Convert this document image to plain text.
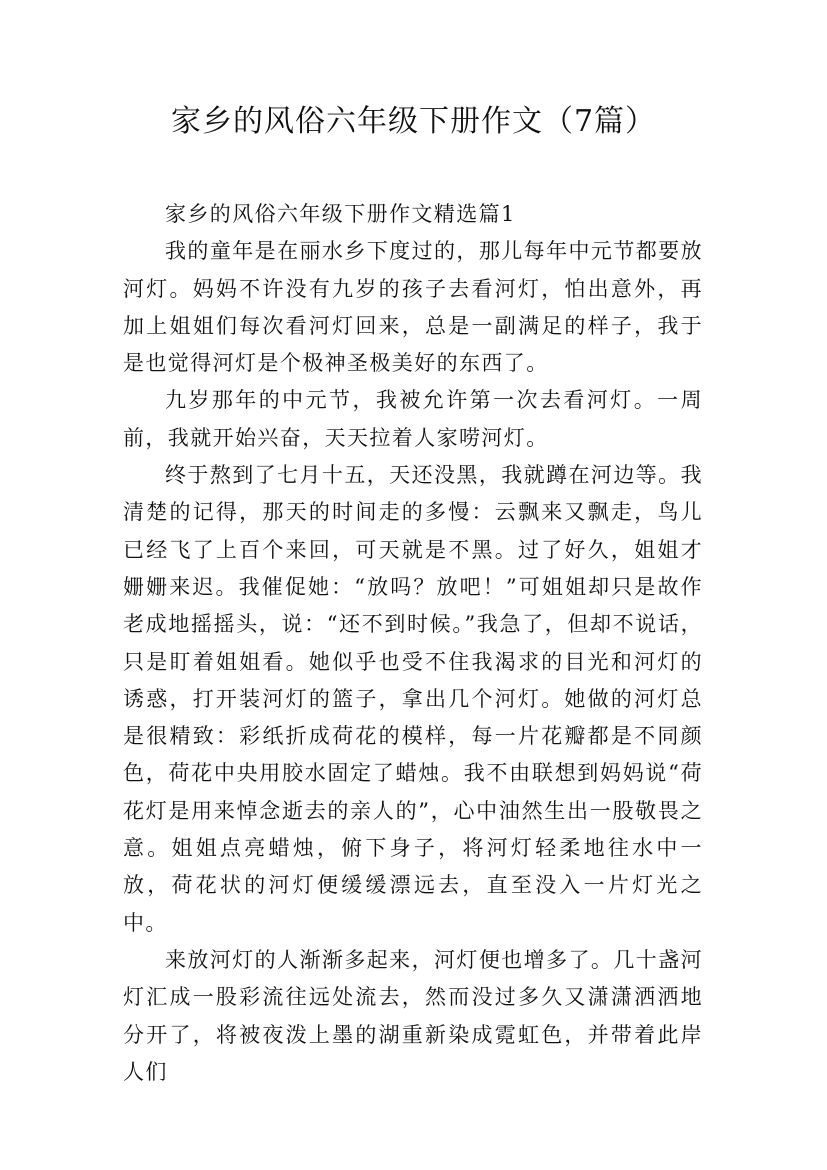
家乡的风俗六年级下册作文（7篇）

家乡的风俗六年级下册作文精选篇1

我的童年是在丽水乡下度过的，那儿每年中元节都要放河灯。妈妈不许没有九岁的孩子去看河灯，怕出意外，再加上姐姐们每次看河灯回来，总是一副满足的样子，我于是也觉得河灯是个极神圣极美好的东西了。

九岁那年的中元节，我被允许第一次去看河灯。一周前，我就开始兴奋，天天拉着人家唠河灯。

终于熬到了七月十五，天还没黑，我就蹲在河边等。我清楚的记得，那天的时间走的多慢：云飘来又飘走，鸟儿已经飞了上百个来回，可天就是不黑。过了好久，姐姐才姗姗来迟。我催促她：“放吗？放吧！”可姐姐却只是故作老成地摇摇头，说：“还不到时候。”我急了，但却不说话，只是盯着姐姐看。她似乎也受不住我渴求的目光和河灯的诱惑，打开装河灯的篮子，拿出几个河灯。她做的河灯总是很精致：彩纸折成荷花的模样，每一片花瓣都是不同颜色，荷花中央用胶水固定了蜡烛。我不由联想到妈妈说“荷花灯是用来悼念逝去的亲人的”，心中油然生出一股敬畏之意。姐姐点亮蜡烛，俯下身子，将河灯轻柔地往水中一放，荷花状的河灯便缓缓漂远去，直至没入一片灯光之中。

来放河灯的人渐渐多起来，河灯便也增多了。几十盏河灯汇成一股彩流往远处流去，然而没过多久又潇潇洒洒地分开了，将被夜泼上墨的湖重新染成霓虹色，并带着此岸人们
